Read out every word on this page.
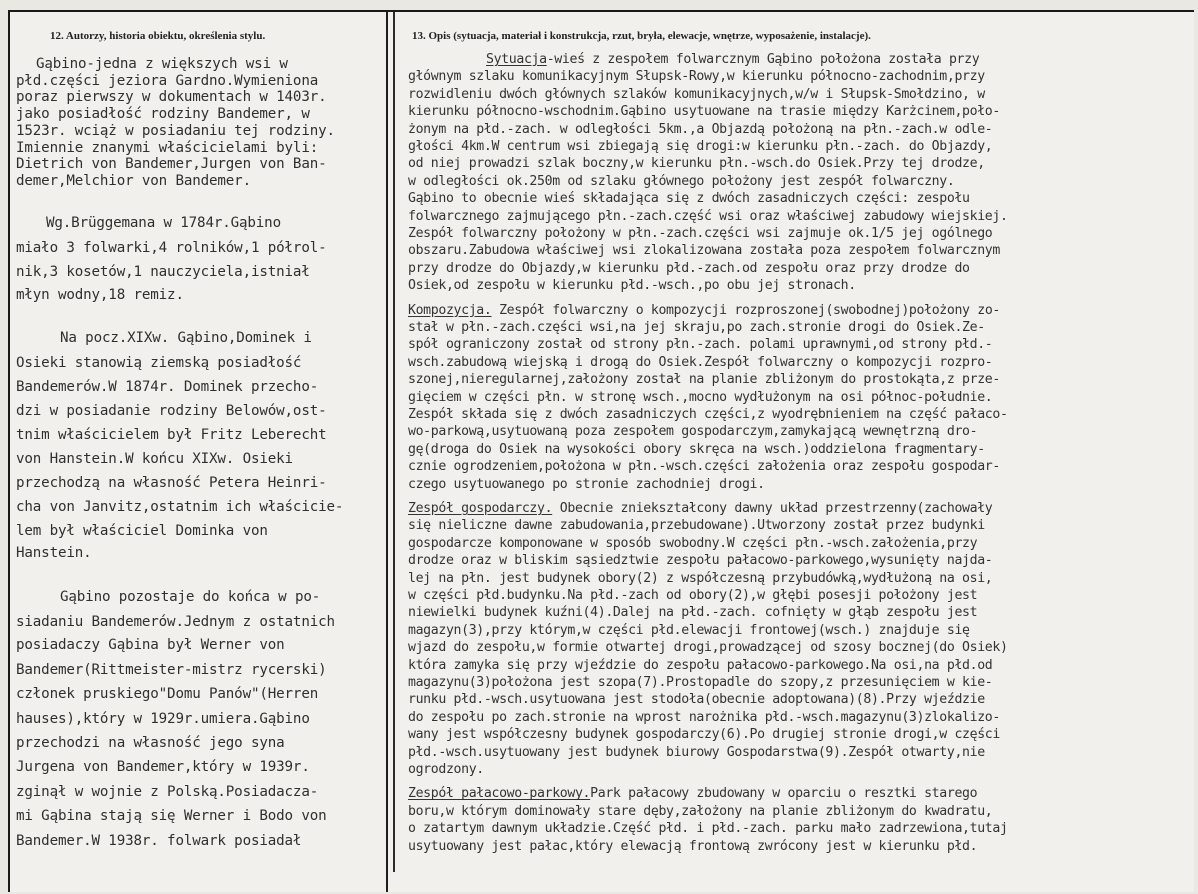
12. Autorzy, historia obiektu, określenia stylu.	13. Opis (sytuacja, materiał i konstrukcja, rzut, bryła, elewacje, wnętrze, wyposażenie, instalacje).
Gąbino-jedna z większych wsi w
płd.części jeziora Gardno.Wymieniona
poraz pierwszy w dokumentach w 1403r.
jako posiadłość rodziny Bandemer, w
1523r. wciąż w posiadaniu tej rodziny.
Imiennie znanymi właścicielami byli:
Dietrich von Bandemer,Jurgen von Ban-
demer,Melchior von Bandemer.
Wg.Brüggemana w 1784r.Gąbino
miało 3 folwarki,4 rolników,1 półrol-
nik,3 kosetów,1 nauczyciela,istniał
młyn wodny,18 remiz.
Na pocz.XIXw. Gąbino,Dominek i
Osieki stanowią ziemską posiadłość
Bandemerów.W 1874r. Dominek przecho-
dzi w posiadanie rodziny Belowów,ost-
tnim właścicielem był Fritz Leberecht
von Hanstein.W końcu XIXw. Osieki
przechodzą na własność Petera Heinri-
cha von Janvitz,ostatnim ich właścicie-
lem był właściciel Dominka von
Hanstein.
Gąbino pozostaje do końca w po-
siadaniu Bandemerów.Jednym z ostatnich
posiadaczy Gąbina był Werner von
Bandemer(Rittmeister-mistrz rycerski)
członek pruskiego"Domu Panów"(Herren
hauses),który w 1929r.umiera.Gąbino
przechodzi na własność jego syna
Jurgena von Bandemer,który w 1939r.
zginął w wojnie z Polską.Posiadacza-
mi Gąbina stają się Werner i Bodo von
Bandemer.W 1938r. folwark posiadał
Sytuacja-wieś z zespołem folwarcznym Gąbino położona została przy
głównym szlaku komunikacyjnym Słupsk-Rowy,w kierunku północno-zachodnim,przy
rozwidleniu dwóch głównych szlaków komunikacyjnych,w/w i Słupsk-Smołdzino, w
kierunku północno-wschodnim.Gąbino usytuowane na trasie między Karżcinem,poło-
żonym na płd.-zach. w odległości 5km.,a Objazdą położoną na płn.-zach.w odle-
głości 4km.W centrum wsi zbiegają się drogi:w kierunku płn.-zach. do Objazdy,
od niej prowadzi szlak boczny,w kierunku płn.-wsch.do Osiek.Przy tej drodze,
w odległości ok.250m od szlaku głównego położony jest zespół folwarczny.
Gąbino to obecnie wieś składająca się z dwóch zasadniczych części: zespołu
folwarcznego zajmującego płn.-zach.część wsi oraz właściwej zabudowy wiejskiej.
Zespół folwarczny położony w płn.-zach.części wsi zajmuje ok.1/5 jej ogólnego
obszaru.Zabudowa właściwej wsi zlokalizowana została poza zespołem folwarcznym
przy drodze do Objazdy,w kierunku płd.-zach.od zespołu oraz przy drodze do
Osiek,od zespołu w kierunku płd.-wsch.,po obu jej stronach.
Kompozycja. Zespół folwarczny o kompozycji rozproszonej(swobodnej)położony zo-
stał w płn.-zach.części wsi,na jej skraju,po zach.stronie drogi do Osiek.Ze-
spół ograniczony został od strony płn.-zach. polami uprawnymi,od strony płd.-
wsch.zabudową wiejską i drogą do Osiek.Zespół folwarczny o kompozycji rozpro-
szonej,nieregularnej,założony został na planie zbliżonym do prostokąta,z prze-
gięciem w części płn. w stronę wsch.,mocno wydłużonym na osi północ-południe.
Zespół składa się z dwóch zasadniczych części,z wyodrębnieniem na część pałaco-
wo-parkową,usytuowaną poza zespołem gospodarczym,zamykającą wewnętrzną dro-
gę(droga do Osiek na wysokości obory skręca na wsch.)oddzielona fragmentary-
cznie ogrodzeniem,położona w płn.-wsch.części założenia oraz zespołu gospodar-
czego usytuowanego po stronie zachodniej drogi.
Zespół gospodarczy. Obecnie zniekształcony dawny układ przestrzenny(zachowały
się nieliczne dawne zabudowania,przebudowane).Utworzony został przez budynki
gospodarcze komponowane w sposób swobodny.W części płn.-wsch.założenia,przy
drodze oraz w bliskim sąsiedztwie zespołu pałacowo-parkowego,wysunięty najda-
lej na płn. jest budynek obory(2) z współczesną przybudówką,wydłużoną na osi,
w części płd.budynku.Na płd.-zach od obory(2),w głębi posesji położony jest
niewielki budynek kuźni(4).Dalej na płd.-zach. cofnięty w głąb zespołu jest
magazyn(3),przy którym,w części płd.elewacji frontowej(wsch.) znajduje się
wjazd do zespołu,w formie otwartej drogi,prowadzącej od szosy bocznej(do Osiek)
która zamyka się przy wjeździe do zespołu pałacowo-parkowego.Na osi,na płd.od
magazynu(3)położona jest szopa(7).Prostopadle do szopy,z przesunięciem w kie-
runku płd.-wsch.usytuowana jest stodoła(obecnie adoptowana)(8).Przy wjeździe
do zespołu po zach.stronie na wprost narożnika płd.-wsch.magazynu(3)zlokalizo-
wany jest współczesny budynek gospodarczy(6).Po drugiej stronie drogi,w części
płd.-wsch.usytuowany jest budynek biurowy Gospodarstwa(9).Zespół otwarty,nie
ogrodzony.
Zespół pałacowo-parkowy.Park pałacowy zbudowany w oparciu o resztki starego
boru,w którym dominowały stare dęby,założony na planie zbliżonym do kwadratu,
o zatartym dawnym układzie.Część płd. i płd.-zach. parku mało zadrzewiona,tutaj
usytuowany jest pałac,który elewacją frontową zwrócony jest w kierunku płd.
